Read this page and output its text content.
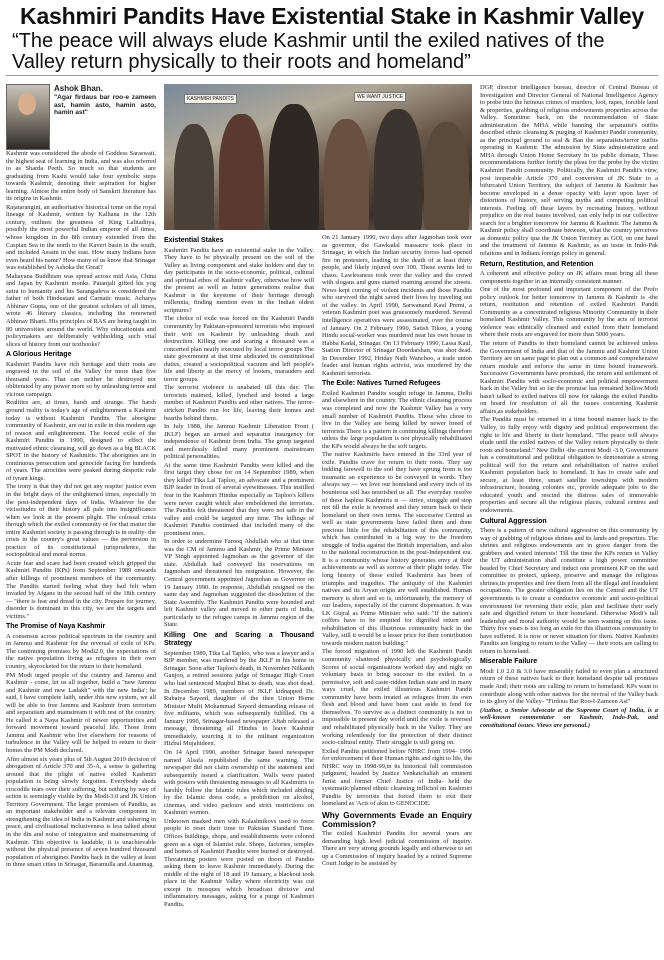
Kashmiri Pandits Have Existential Stake in Kashmir Valley
“The peace will always elude Kashmir until the exiled natives of the Valley return physically to their roots and homeland”
Ashok Bhan.
"Agar firdaus bar roo-e zameen ast, hamin asto, hamin asto, hamin ast"

Kashmir was considered the abode of Goddess Saraswati, the highest seat of learning in India, and was also referred to as Sharda Peeth. So much so that students are graduating from Kashi would take four symbolic steps towards Kashmir, denoting their aspiration for higher learning. Almost the entire body of Sanskrit literature has its origins in Kashmir.

Rajatarangini, an authoritative historical tome on the royal lineage of Kashmir, written by Kalhana in the 12th century, outlines the greatness of King Lalitaditya, possibly the most powerful Indian emperor of all times, whose kingdom in the 8th century extended from the Caspian Sea in the north to the Kaveri basin in the south, and included Assam in the east. How many Indians have even heard his name? How many of us know that Srinagar was established by Ashoka the Great?

Mahayana Buddhism was spread across mid Asia, China and Japan by Kashmiri monks. Patanjali gifted his yog sutra to humanity and his Sarangadeva is considered the father of both Hindustani and Carnatic music. Acharya Abhinav Gupta, one of the greatest scholars of all times, wrote 46 literary classics, including the renowned Abhinav Bharti. His principles of RAS are being taught in 80 universities around the world. Why educationists and policymakers are deliberately withholding such vital slices of history from our textbooks?

A Glorious Heritage

Kashmiri Pandits have rich heritage and their roots are engraved in the soil of the Valley for more than five thousand years. That can neither be destroyed nor obliterated by any power more so by unleashing terror and vicious campaign.

Realities are, at times, harsh and strange. The harsh ground reality is today's age of enlightenment a Kashmir today is without Kashmiri Pandits. The aborigine community of Kashmir, are out in exile in this modern age of reason and enlightenment. The forced exile of the Kashmiri Pandits in 1990, designed to effect the motivated ethnic cleansing, will go down as a big BLACK SPOT in the history of Kashmiris. The aborigines are in continuous persecution and genocide facing for hundreds of years. The atrocities were peaked during despotic rule of tyrant kings.

The irony is that they did not get any respite/ justice even in the bright days of the enlightened times, especially in the post-independent days of India. Whatever be the vicissitudes of their history all pale into insignificance when we look at the present plight. The colossal crisis through which the exiled community or for that matter the entire Kashmiri society is passing through is in reality- the crisis in the country's great values — the perversion in practice of its constitutional jurisprudence, the sociopolitical and moral norms.

Acute fear and scare had been created which gripped the Kashmiri Pandits (KPs) from September 1989 onwards after killings of prominent members of the community. The Pandits started feeling what they had felt when invaded by Afgans in the second half of the 18th century — "there is fear and dread in the city. Prepare for journey, disorder is dominant in this city, we are the targets and victims."

The Promise of Naya Kashmir

A consensus across political spectrum in the country and in Jammu and Kashmir for the reversal of exile of KPs. The continuing promises by Modi2.0, the expectations of the native population living as refugees in their own country, skyrocketed for the return to their homeland.

PM Modi urged people of the country and Jammu and Kashmir - come, let us all together, build a "new Jammu and Kashmir and new Ladakh" with the new India'; he said, I have complete faith, under this new system, we all will be able to free Jammu and Kashmir from terrorism and separatism and mainstream it with rest of the country. He called it a Naya Kashmir of newer opportunities and forward movement toward peaceful life. Those from Jammu and Kashmir who live elsewhere for reasons of turbulence in the Valley will be helped to return to their homes the PM Modi declared.

After almost six years plus of 5th August 2019 decision of abrogation of Article 370 and 35-A, a sense is gathering around that the plight of native exiled Kashmiri population is being slowly forgotten. Everybody sheds crocodile tears over their suffering, but nothing by way of action is seemingly visible by the Modi-3.0 and JK Union Territory Government. The larger promises of Pandits, as an important stakeholder and a relevant component in strengthening the idea of India in Kashmir and ushering in peace, and civilisational inclusiveness is less talked about in the din and noise of integration and mainstreaming of Kashmir. This objective is laudable, it is unachievable without the physical presence of seven hundred thousand population of aborigines Pandits back in the valley at least in three smart cities in Srinagar, Baramulla and Anantnag.

KASHMIRI PANDITS	WE WANT JUSTICE
Existential Stakes

Kashmiri Pandits have an existential stake in the Valley. They have to be physically present on the soil of the Valley as living component and stake holders and day to day participants in the socio-economic, political, cultural and spiritual ethos of Kashmir valley, otherwise how will the present as well as future generations realise that Kashmir is the keystone of their heritage through millennia, finding mention even in the Indian oldest scriptures?

The choice of exile was forced on the Kashmiri Pandit community by Pakistan-sponsored terrorists who imposed their writ on Kashmir by unleashing death and destruction. Killing one and scaring a thousand was a concerted plan neatly executed by local terror groups The state government at that time abdicated its constitutional duties, created a sociopolitical vacuum and left people's life and liberty at the mercy of looters, marauders and terror groups.

The terrorist violence is unabated till this day. The terrorists maimed, killed, lynched and looted a large number of Kashmiri Pandits and other natives. The terror-stricken Pandits run for life, leaving their homes and hearths behind them.

In July 1988, the Jammu Kashmir Liberation Front ( JKLF) began an armed and separatist insurgency for independence of Kashmir from India. The group targeted and mercilessly killed many prominent mainstream political personalities.

At the same time Kashmiri Pandits were killed and the first target they chose for on 14 September 1989, when they killed Tika Lal Taploo, an advocate and a prominent BJP leader in front of several eyewitnesses. This instilled fear in the Kashmiri Hindus especially as Taploo's killers were never caught which also emboldened the terrorists. The Pandits felt threatened that they were not safe in the valley and could be targeted any time. The killings of Kashmiri Pandits continued that included many of the prominent ones.

In order to undermine Farooq Abdullah who at that time was the CM of Jammu and Kashmir, the Prime Minister VP Singh appointed Jagmohan as the governor of the state. Abdullah had conveyed his reservations on Jagmohan and threatened his resignation. However, the Central government appointed Jagmohan as Governor on 19 January 1990. In response, Abdullah resigned on the same day and Jagmohan suggested the dissolution of the State Assembly. The Kashmiri Pandits were hounded and left Kashmir valley and moved to other parts of India, particularly to the refugee camps in Jammu region of the State.

Killing One and Scaring a Thousand Strategy

September 1989, Tika Lal Taploo, who was a lawyer and a BJP member, was murdered by the JKLF in his home in Srinagar. Soon after Taploo's death, in November Nilkanth Ganjoo, a retired sessions judge of Srinagar High Court who had sentenced Maqbul Bhat to death, was shot dead. In December 1989, members of JKLF kidnapped Dr. Rubaiya Sayeed, daughter of the then Union Home Minister Mufti Mohammad Sayeed demanding release of five militants, which was subsequently fulfilled. On 4 January 1990, Srinagar-based newspaper Aftab released a message, threatening all Hindus to leave Kashmir immediately, sourcing it to the militant organization Hizbul Mujahideen.

On 14 April 1990, another Srinagar based newspaper named Alsafa republished the same warning. The newspaper did not claim ownership of the statement and subsequently issued a clarification. Walls were pasted with posters with threatening messages to all Kashmiris to harshly follow the Islamic rules which included abiding by the Islamic dress code, a prohibition on alcohol, cinemas, and video parlours and strict restrictions on Kashmiri women.

Unknown masked men with Kalashnikovs used to force people to reset their time to Pakistan Standard Time. Offices buildings, shops, and establishments were colored green as a sign of Islamist rule. Shops, factories, temples and homes of Kashmiri Pandits were burned or destroyed. Threatening posters were posted on doors of Pandits asking them to leave Kashmir immediately. During the middle of the night of 18 and 19 January, a blackout took place in the Kashmir Valley where electricity was cut except in mosques which broadcast divisive and inflammatory messages, asking for a purge of Kashmiri Pandits.

On 21 January 1990, two days after Jagmohan took over as governor, the Gawkadal massacre took place in Srinagar, in which the Indian security forces had opened fire on protesters, leading to the death of at least thirty people, and likely injured over 100. These events led to chaos. Lawlessness took over the valley and the crowd with slogans and guns started roaming around the streets. News kept coming of violent incidents and those Pandits who survived the night saved their lives by traveling out of the valley. In April 1990, Sarwanand Kaul Premi, a veteran Kashmiri poet was gruesomely murdered. Several intelligence operatives were assassinated, over the course of January. On 2 February 1990, Satish Tikoo, a young Hindu social-worker was murdered near his own house in Habba Kadal, Srinagar. On 13 February 1990, Lassa Kaul, Station Director of Srinagar Doordarshan, was shot dead. In December 1992, Hriday Nath Wanchoo, a trade union leader and human rights activist, was murdered by the Kashmiri terrorists.

The Exile: Natives Turned Refugees

Exiled Kashmiri Pandits sought refuge in Jammu, Delhi and elsewhere in the country. The ethnic cleansing process was completed and now the Kashmir Valley has a very small number of Kashmiri Pandits. Those who chose to live in the Valley are being killed by newer breed of terrorists There is a pattern in continuing killings therefore unless the large population is not physically rehabilitated the KPs would always be the soft targets.

The native Kashmiris have entered in the 33rd year of exile. Pandits crave for return to their roots. They say bidding farewell to the soil they have sprung from is too traumatic an experience to be conveyed in words. They always say — we love our homeland and every inch of its bounteous soil has nourished us all. The everyday resolve of these hapless Kashmiris is — strive, struggle and stop not till the exile is reversed and they return back to their homeland on their own terms. The successive Central as well as state governments have failed them and done precious little for the rehabilitation of this community, which has contributed in a big way to the freedom struggle of India against the British imperialism, and also to the national reconstruction in the post-Independent era. It is a community whose history generates envy at their achievements as well as sorrow at their plight today. The long history of these exiled Kashmiris has been of triumphs and tragedies. The antiquity of the Kashmiri natives and its Aryan origin are well established. Human memory is short and so is, unfortunately, the memory of our leaders, especially of the current dispensation. It was LK Gujral as Prime Minister who said: "If the nation's coffers have to be emptied for dignified return and rehabilitation of this illustrious community back in the Valley, still it would be a lesser price for their contribution towards modern nation building."

The forced migration of 1990 left the Kashmiri Pandit community shattered physically and psychologically. Scores of social organisations worked day and night on voluntary basis to bring succour to the exiled. In a permissive, soft and caste-ridden Indian state and in many ways cruel, the exiled illustrious Kashmiri Pandit community have been treated as refugees from its own flesh and blood and have been cast aside to fend for themselves. To survive as a distinct community is not to impossible in present day world until the exile is reversed and rehabilitated physically back in the Valley. They are working relentlessly for the protection of their distinct socio-cultural entity. Their struggle is still going on.

Exiled Pandits petitioned before NHRC from 1994- 1996 for enforcement of their Human rights and right to life, the NHRC way in 1998-99,in its historical full commission judgment, headed by Justice Venkatchaliah an eminent Jurist and former Chief Justice of India- held the systematic/planned ethnic cleansing inflicted on Kashmiri Pandits by terrorists that forced them to exit their homeland as 'Acts of akin to GENOCIDE.

Why Governments Evade an Enquiry Commission?

The exiled Kashmiri Pandits for several years are demanding high level judicial commission of inquiry. There are very strong grounds legally and otherwise to set up a Commission of inquiry headed by a retired Supreme Court Judge to be assisted by

DGP, director intelligence bureau, director of Central Bureau of Investigation and Director General of National Intelligence Agency to probe into the heinous crimes of murders, loot, rapes, forcible land & properties, grabbing of religious endowments properties across the Valley. Sometime back, on the recommendation of State administration the MHA while banning the separatist's outfits described ethnic cleansing & purging of Kashmiri Pandit community, as the principal ground to seal & Ban the separatists/terror outfits operating in Kashmir. The admission by State administration and MHA through Union Home Secretary In its public domain, These recommendations further fortify the pleas for the probe by the victim Kashmiri Pandit community. Politically, the Kashmiri Pandit's view, post inoperable Article 370 and conversion of JK State to a bifurcated Union Territory, the subject of Jammu & Kashmir has become enveloped in a dense opacity with layer upon layer of distortions of history, self serving myths and competing political interests. Feeling off these layers by recreating history, without prejudice on the real issues involved, can only help in our collective search for a brighter tomorrow for Jammu & Kashmir. The Jammu & Kashmir policy shall coordinate between, what the country perceives as domestic policy qua the JK Union Territory as GOI, on one hand and the treatment of Jammu & Kashmir, as an issue in Indo-Pak relations and in Indians foreign policy in general.

Return, Restitution, and Retention

A coherent and effective policy on JK affairs must bring all these components together in an internally consistent manner.

One of the most profound and important component of the Profo policy outlook for better tomorrow in Jammu & Kashmir is -the return, restitution and retention of exiled Kashmiri Pandit Community as a concentrated religious Minority Community in their homeland Kashmir Valley. This community by the acts of terrorist violence was ethnically cleansed and exited from their homeland where their roots are engraved for more than 5000 years.

The return of Pandits to their homeland cannot be achieved unless the Government of India and that of the Jammu and Kashmir Union Territory are on same page to plan out a common and comprehensive return module and enforce the same in time bound framework. Successive Governments have promised, the return and settlement of Kashmiri Pandits with socio-economic and political empowerment back in the Valley but so far the promise has remained hollow.Modi hasn't talked to exiled natives till now for takings the exiled Pandits on board for resolution of all the issues concerning Kashmir affairs,as stakeholders.

The Pandits must be returned in a time bound manner back to the Valley, to fully enjoy with dignity and political empowerment the right to life and liberty in their homeland. "The peace will always elude until the exiled natives of the Valley return physically to their roots and homeland." New Delhi -the current Modi -3.0, Government has a constitutional and political obligation to demonstrate a strong political will for the return and rehabilitation of native exiled Kashmiri population back to homeland. It has to create safe and secure, at least three, smart satellite townships with modern infrastructure, housing colonies etc, provide adequate jobs to the educated youth and rescind the distress sales of immovable properties and secure all the religious places, cultural centres and endowments.

Cultural Aggression

There is a pattern of new cultural aggression on this community by way of grabbing of religious shrines and its lands and properties. The shrines and religious endowments are in grave danger from the grabbers and vested interests! Till the time the KPs return to Valley the UT administration shall constitute a high power committee headed by Chief Secretary and induct one prominent KP on the said committee to protect, upkeep, preserve and manage the religious shrines,its properties and free them from all the illegal and fraudulent occupations. The greater obligation lies on the Central and the UT governments is to create a conducive economic and socio-political environment for reversing their exile, plan and facilitate their early safe and dignified return to their homeland. Otherwise Modi's tall leadership and moral authority would be seen wanting on this issue. Thirty five years is too long an exile for this illustrious community to have suffered. It is now or never situation for them. Native Kashmiri Pandits are longing to return to the Valley — their roots are calling to return to homeland.

Miserable Failure

Modi 1.0 2.0 & 3.0 have miserably failed to even plan a structured return of these natives back to their homeland despite tall promises made And; their roots are calling to return to homeland. KPs want to contribute along with other natives for the revival of the Valley back to its glory of the Valley- "Firdous Bar Roo-I-Zameen Ast"

(Author, a Senior Advocate at the Supreme Court of India, is a well-known commentator on Kashmir, Indo-Pak, and constitutional issues. Views are personal.)
